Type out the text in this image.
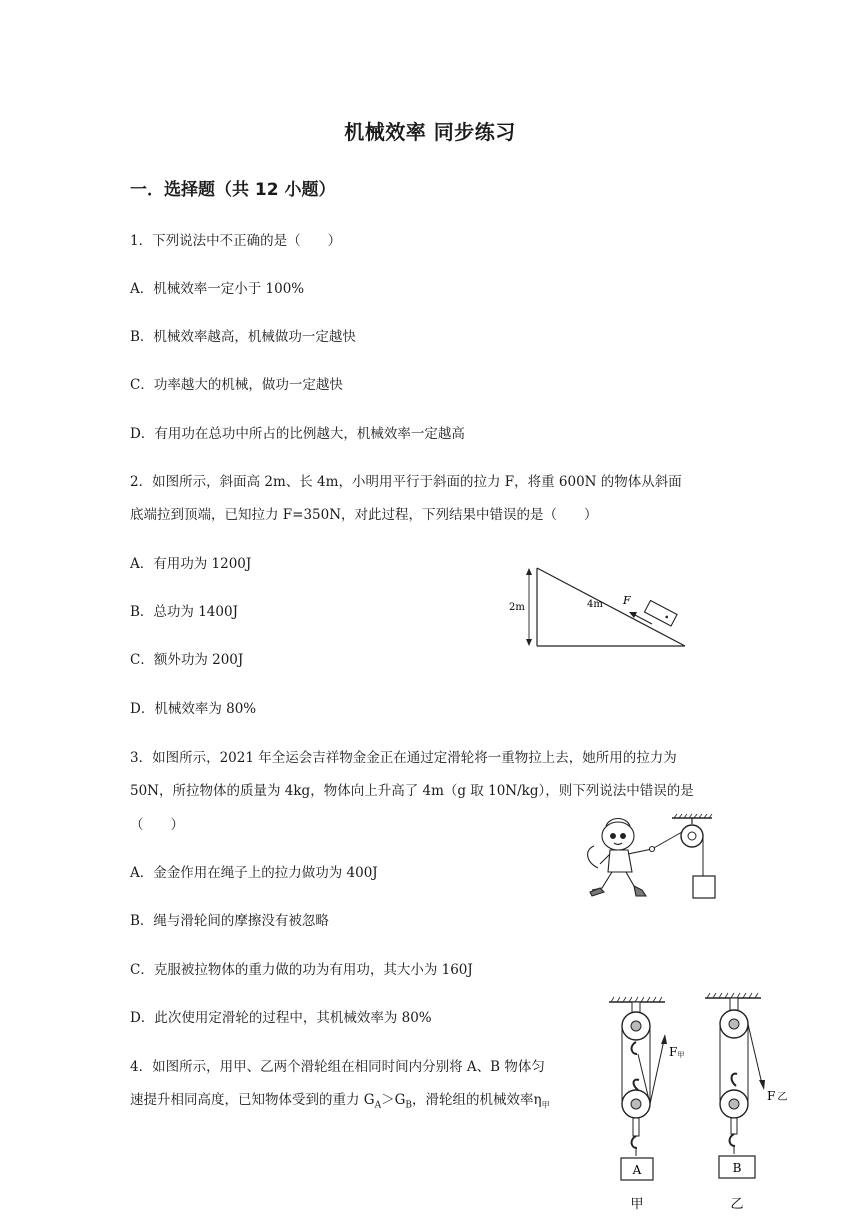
机械效率 同步练习
一．选择题（共 12 小题）
1．下列说法中不正确的是（　　）
A．机械效率一定小于 100%
B．机械效率越高，机械做功一定越快
C．功率越大的机械，做功一定越快
D．有用功在总功中所占的比例越大，机械效率一定越高
2．如图所示，斜面高 2m、长 4m，小明用平行于斜面的拉力 F，将重 600N 的物体从斜面
底端拉到顶端，已知拉力 F=350N，对此过程，下列结果中错误的是（　　）
A．有用功为 1200J
B．总功为 1400J
C．额外功为 200J
D．机械效率为 80%
2m	4m F
3．如图所示，2021 年全运会吉祥物金金正在通过定滑轮将一重物拉上去，她所用的拉力为
50N，所拉物体的质量为 4kg，物体向上升高了 4m（g 取 10N/kg），则下列说法中错误的是
（　　）
A．金金作用在绳子上的拉力做功为 400J
B．绳与滑轮间的摩擦没有被忽略
C．克服被拉物体的重力做的功为有用功，其大小为 160J
D．此次使用定滑轮的过程中，其机械效率为 80%
4．如图所示，用甲、乙两个滑轮组在相同时间内分别将 A、B 物体匀
速提升相同高度，已知物体受到的重力 $G_A>G_B$，滑轮组的机械效率$\eta_甲$
F甲
A
甲
F 乙
B
乙
